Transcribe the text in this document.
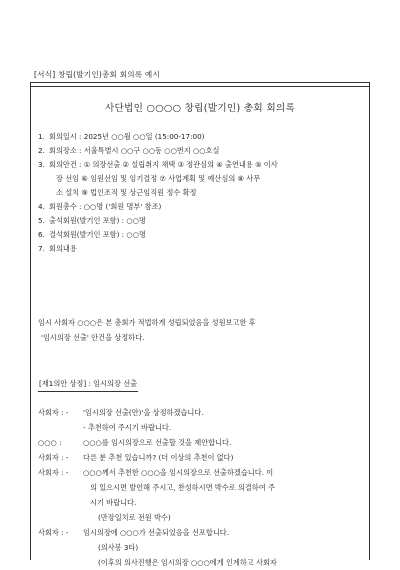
[서식] 창립(발기인)총회 회의록 예시
사단법인 ○○○○ 창립(발기인) 총회 회의록
1. 회의일시 : 2025년 ○○월 ○○일 (15:00-17:00)
2. 회의장소 : 서울특별시 ○○구 ○○동 ○○번지 ○○호실
3. 회의안건 : ① 의장선출 ② 설립취지 채택 ③ 정관심의 ④ 출연내용 ⑤ 이사
장 선임 ⑥ 임원선임 및 임기결정 ⑦ 사업계획 및 예산심의 ⑧ 사무
소 설치 ⑨ 법인조직 및 상근임직원 정수 확정
4. 회원총수 : ○○명 ('회원 명부' 참조)
5. 출석회원(발기인 포함) : ○○명
6. 결석회원(발기인 포함) : ○○명
7. 회의내용
임시 사회자 ○○○은 본 총회가 적법하게 성립되었음을 성원보고한 후
'임시의장 선출' 안건을 상정하다.
[제1의안 상정] : 임시의장 선출
사회자 : - '임시의장 선출(안)'을 상정하겠습니다.
- 추천하여 주시기 바랍니다.
○○○ :	○○○를 임시의장으로 선출할 것을 제안합니다.
사회자 : - 다른 분 추천 있습니까? (더 이상의 추천이 없다)
사회자 : - ○○○께서 추천한 ○○○을 임시의장으로 선출하겠습니다. 이
의 있으시면 발언해 주시고, 찬성하시면 박수로 의결하여 주
시기 바랍니다.
(만장일치로 전원 박수)
사회자 : - 임시의장에 ○○○가 선출되었음을 선포합니다.
(의사봉 3타)
(이후의 의사진행은 임시의장 ○○○에게 인계하고 사회자
